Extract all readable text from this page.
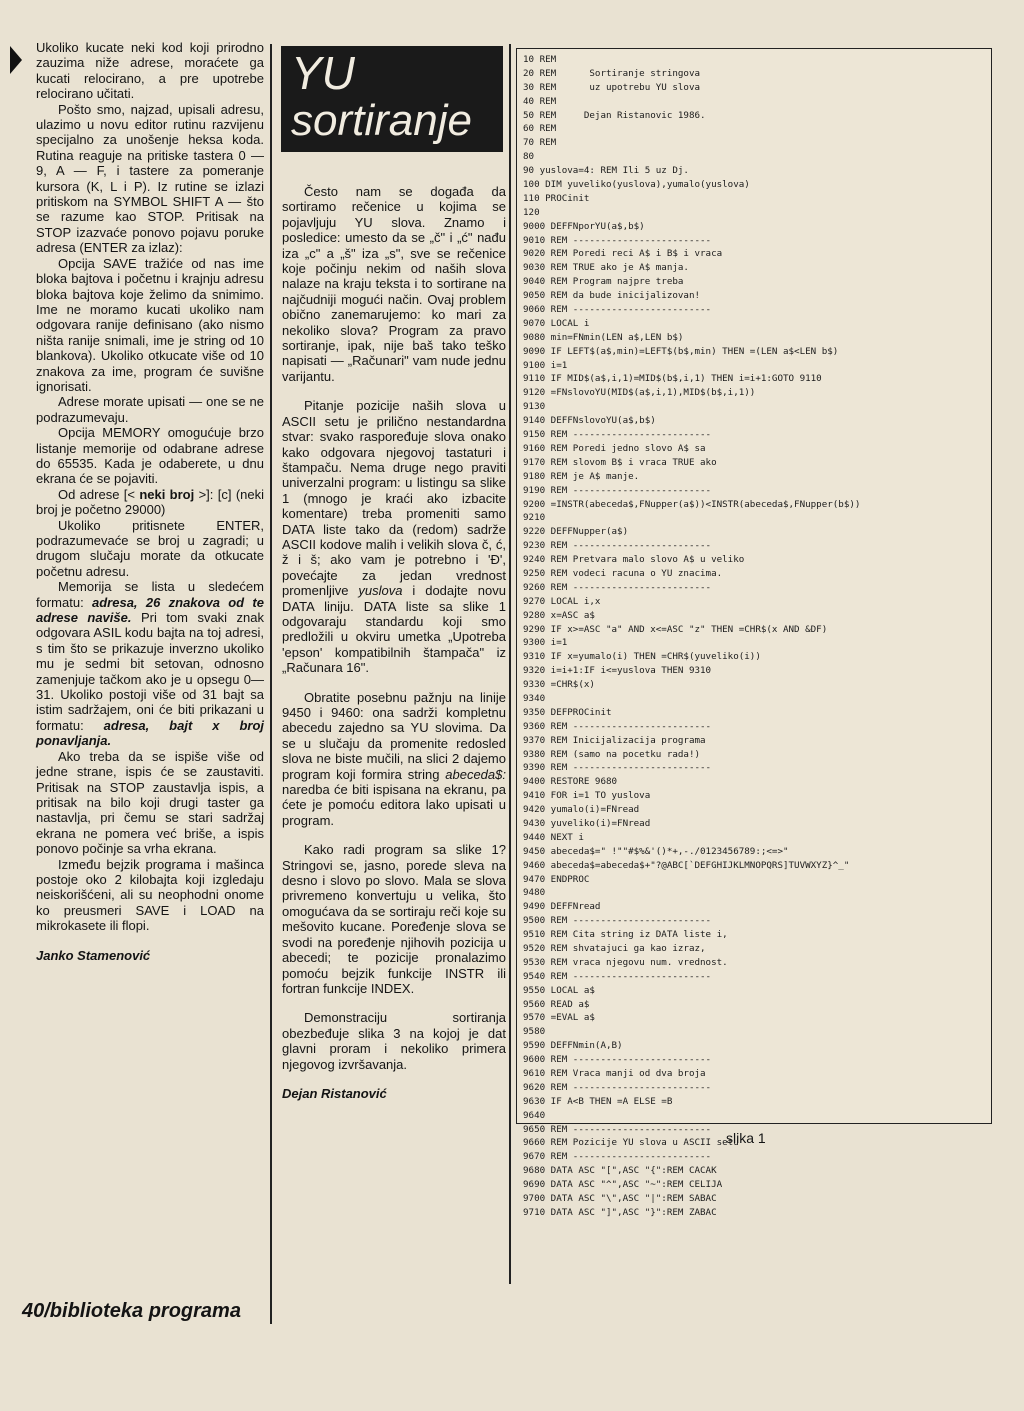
Ukoliko kucate neki kod koji prirodno zauzima niže adrese, moraćete ga kucati relocirano, a pre upotrebe relocirano učitati.

Pošto smo, najzad, upisali adresu, ulazimo u novu editor rutinu razvijenu specijalno za unošenje heksa koda. Rutina reaguje na pritiske tastera 0 — 9, A — F, i tastere za pomeranje kursora (K, L i P). Iz rutine se izlazi pritiskom na SYMBOL SHIFT A — što se razume kao STOP. Pritisak na STOP izazvaće ponovo pojavu poruke adresa (ENTER za izlaz):

Opcija SAVE tražiće od nas ime bloka bajtova i početnu i krajnju adresu bloka bajtova koje želimo da snimimo. Ime ne moramo kucati ukoliko nam odgovara ranije definisano (ako nismo ništa ranije snimali, ime je string od 10 blankova). Ukoliko otkucate više od 10 znakova za ime, program će suvišne ignorisati.

Adrese morate upisati — one se ne podrazumevaju.

Opcija MEMORY omogućuje brzo listanje memorije od odabrane adrese do 65535. Kada je odaberete, u dnu ekrana će se pojaviti.

Od adrese [< neki broj >]: [c] (neki broj je početno 29000)

Ukoliko pritisnete ENTER, podrazumevaće se broj u zagradi; u drugom slučaju morate da otkucate početnu adresu.

Memorija se lista u sledećem formatu: adresa, 26 znakova od te adrese naviše. Pri tom svaki znak odgovara ASIL kodu bajta na toj adresi, s tim što se prikazuje inverzno ukoliko mu je sedmi bit setovan, odnosno zamenjuje tačkom ako je u opsegu 0—31. Ukoliko postoji više od 31 bajt sa istim sadržajem, oni će biti prikazani u formatu: adresa, bajt x broj ponavljanja.

Ako treba da se ispiše više od jedne strane, ispis će se zaustaviti. Pritisak na STOP zaustavlja ispis, a pritisak na bilo koji drugi taster ga nastavlja, pri čemu se stari sadržaj ekrana ne pomera već briše, a ispis ponovo počinje sa vrha ekrana.

Između bejzik programa i mašinca postoje oko 2 kilobajta koji izgledaju neiskorišćeni, ali su neophodni onome ko preusmeri SAVE i LOAD na mikrokasete ili flopi.

Janko Stamenović

YU
sortiranje

Često nam se događa da sortiramo rečenice u kojima se pojavljuju YU slova. Znamo i posledice: umesto da se „č" i „ć" nađu iza „c" a „š" iza „s", sve se rečenice koje počinju nekim od naših slova nalaze na kraju teksta i to sortirane na najčudniji mogući način. Ovaj problem obično zanemarujemo: ko mari za nekoliko slova? Program za pravo sortiranje, ipak, nije baš tako teško napisati — „Računari" vam nude jednu varijantu.

Pitanje pozicije naših slova u ASCII setu je prilično nestandardna stvar: svako raspoređuje slova onako kako odgovara njegovoj tastaturi i štampaču. Nema druge nego praviti univerzalni program: u listingu sa slike 1 (mnogo je kraći ako izbacite komentare) treba promeniti samo DATA liste tako da (redom) sadrže ASCII kodove malih i velikih slova č, ć, ž i š; ako vam je potrebno i 'Đ', povećajte za jedan vrednost promenljive yuslova i dodajte novu DATA liniju. DATA liste sa slike 1 odgovaraju standardu koji smo predložili u okviru umetka „Upotreba 'epson' kompatibilnih štampača" iz „Računara 16".

Obratite posebnu pažnju na linije 9450 i 9460: ona sadrži kompletnu abecedu zajedno sa YU slovima. Da se u slučaju da promenite redosled slova ne biste mučili, na slici 2 dajemo program koji formira string abeceda$: naredba će biti ispisana na ekranu, pa ćete je pomoću editora lako upisati u program.

Kako radi program sa slike 1? Stringovi se, jasno, porede sleva na desno i slovo po slovo. Mala se slova privremeno konvertuju u velika, što omogućava da se sortiraju reči koje su mešovito kucane. Poređenje slova se svodi na poređenje njihovih pozicija u abecedi; te pozicije pronalazimo pomoću bejzik funkcije INSTR ili fortran funkcije INDEX.

Demonstraciju sortiranja obezbeđuje slika 3 na kojoj je dat glavni proram i nekoliko primera njegovog izvršavanja.

Dejan Ristanović

10 REM
20 REM      Sortiranje stringova
30 REM      uz upotrebu YU slova
40 REM
50 REM     Dejan Ristanovic 1986.
60 REM
70 REM
80
90 yuslova=4: REM Ili 5 uz Dj.
100 DIM yuveliko(yuslova),yumalo(yuslova)
110 PROCinit
120
9000 DEFFNporYU(a$,b$)
9010 REM -------------------------
9020 REM Poredi reci A$ i B$ i vraca
9030 REM TRUE ako je A$ manja.
9040 REM Program najpre treba
9050 REM da bude inicijalizovan!
9060 REM -------------------------
9070 LOCAL i
9080 min=FNmin(LEN a$,LEN b$)
9090 IF LEFT$(a$,min)=LEFT$(b$,min) THEN =(LEN a$<LEN b$)
9100 i=1
9110 IF MID$(a$,i,1)=MID$(b$,i,1) THEN i=i+1:GOTO 9110
9120 =FNslovoYU(MID$(a$,i,1),MID$(b$,i,1))
9130
9140 DEFFNslovoYU(a$,b$)
9150 REM -------------------------
9160 REM Poredi jedno slovo A$ sa
9170 REM slovom B$ i vraca TRUE ako
9180 REM je A$ manje.
9190 REM -------------------------
9200 =INSTR(abeceda$,FNupper(a$))<INSTR(abeceda$,FNupper(b$))
9210
9220 DEFFNupper(a$)
9230 REM -------------------------
9240 REM Pretvara malo slovo A$ u veliko
9250 REM vodeci racuna o YU znacima.
9260 REM -------------------------
9270 LOCAL i,x
9280 x=ASC a$
9290 IF x>=ASC "a" AND x<=ASC "z" THEN =CHR$(x AND &DF)
9300 i=1
9310 IF x=yumalo(i) THEN =CHR$(yuveliko(i))
9320 i=i+1:IF i<=yuslova THEN 9310
9330 =CHR$(x)
9340
9350 DEFPROCinit
9360 REM -------------------------
9370 REM Inicijalizacija programa
9380 REM (samo na pocetku rada!)
9390 REM -------------------------
9400 RESTORE 9680
9410 FOR i=1 TO yuslova
9420 yumalo(i)=FNread
9430 yuveliko(i)=FNread
9440 NEXT i
9450 abeceda$=" !""#$%&'()*+,-./0123456789:;<=>"
9460 abeceda$=abeceda$+"?@ABC[`DEFGHIJKLMNOPQRS]TUVWXYZ}^_"
9470 ENDPROC
9480
9490 DEFFNread
9500 REM -------------------------
9510 REM Cita string iz DATA liste i,
9520 REM shvatajuci ga kao izraz,
9530 REM vraca njegovu num. vrednost.
9540 REM -------------------------
9550 LOCAL a$
9560 READ a$
9570 =EVAL a$
9580
9590 DEFFNmin(A,B)
9600 REM -------------------------
9610 REM Vraca manji od dva broja
9620 REM -------------------------
9630 IF A<B THEN =A ELSE =B
9640
9650 REM -------------------------
9660 REM Pozicije YU slova u ASCII setu
9670 REM -------------------------
9680 DATA ASC "[",ASC "{":REM CACAK
9690 DATA ASC "^",ASC "~":REM CELIJA
9700 DATA ASC "\",ASC "|":REM SABAC
9710 DATA ASC "]",ASC "}":REM ZABAC
slika 1
40/biblioteka programa
